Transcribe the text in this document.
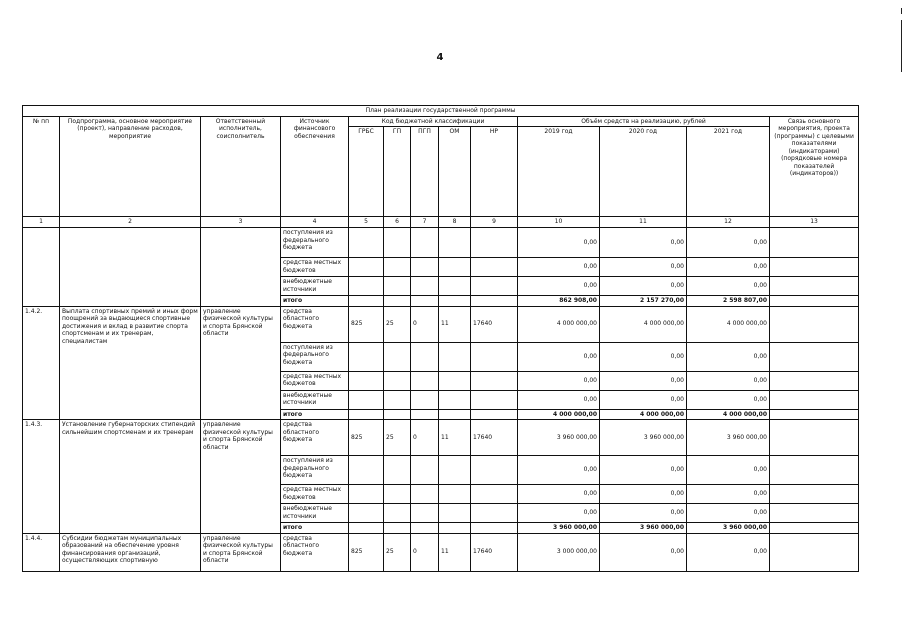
4
План реализации государственной программы												
№ пп	Подпрограмма, основное мероприятие (проект), направление расходов, мероприятие	Ответственный исполнитель, соисполнитель	Источник финансового обеспечения	Код бюджетной классификации					Объём средств на реализацию, рублей			Связь основного мероприятия, проекта (программы) с целевыми показателями (индикаторами) (порядковые номера показателей (индикаторов))
				ГРБС	ГП	ПГП	ОМ	НР	2019 год	2020 год	2021 год	
1	2	3	4	5	6	7	8	9	10	11	12	13
			поступления из федерального бюджета						0,00	0,00	0,00	
			средства местных бюджетов						0,00	0,00	0,00	
			внебюджетные источники						0,00	0,00	0,00	
			итого						862 908,00	2 157 270,00	2 598 807,00	
1.4.2.	Выплата спортивных премий и иных форм поощрений за выдающиеся спортивные достижения и вклад в развитие спорта спортсменам и их тренерам, специалистам	управление физической культуры и спорта Брянской области	средства областного бюджета	825	25	0	11	17640	4 000 000,00	4 000 000,00	4 000 000,00	
			поступления из федерального бюджета						0,00	0,00	0,00	
			средства местных бюджетов						0,00	0,00	0,00	
			внебюджетные источники						0,00	0,00	0,00	
			итого						4 000 000,00	4 000 000,00	4 000 000,00	
1.4.3.	Установление губернаторских стипендий сильнейшим спортсменам и их тренерам	управление физической культуры и спорта Брянской области	средства областного бюджета	825	25	0	11	17640	3 960 000,00	3 960 000,00	3 960 000,00	
			поступления из федерального бюджета						0,00	0,00	0,00	
			средства местных бюджетов						0,00	0,00	0,00	
			внебюджетные источники						0,00	0,00	0,00	
			итого						3 960 000,00	3 960 000,00	3 960 000,00	
1.4.4.	Субсидии бюджетам муниципальных образований на обеспечение уровня финансирования организаций, осуществляющих спортивную	управление физической культуры и спорта Брянской области	средства областного бюджета	825	25	0	11	17640	3 000 000,00	0,00	0,00	
